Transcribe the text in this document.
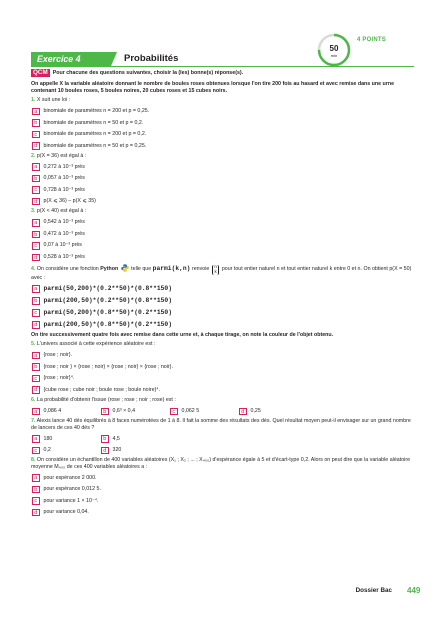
50
min
4 POINTS
Exercice 4	Probabilités

QCM Pour chacune des questions suivantes, choisir la (les) bonne(s) réponse(s).

On appelle X la variable aléatoire donnant le nombre de boules roses obtenues lorsque l'on tire 200 fois au hasard et avec remise dans une urne contenant 10 boules roses, 5 boules noires, 20 cubes roses et 15 cubes noirs.

1. X suit une loi :

a	binomiale de paramètres n = 200 et p = 0,25.
b	binomiale de paramètres n = 50 et p = 0,2.
c	binomiale de paramètres n = 200 et p = 0,2.
d	binomiale de paramètres n = 50 et p = 0,25.

2. p(X = 36) est égal à :

a	0,272 à 10⁻³ près
b	0,057 à 10⁻³ près
c	0,728 à 10⁻³ près
d	p(X ⩽ 36) – p(X ⩽ 35)

3. p(X < 40) est égal à :

a	0,542 à 10⁻³ près
b	0,472 à 10⁻³ près
c	0,07 à 10⁻³ près
d	0,528 à 10⁻³ près

4. On considère une fonction Python telle que parmi(k,n) renvoie n
k pour tout entier naturel n et tout entier naturel k entre 0 et n. On obtient p(X = 50) avec :

a parmi(50,200)*(0.2**50)*(0.8**150)
b parmi(200,50)*(0.2**50)*(0.8**150)
c	parmi(50,200)*(0.8**50)*(0.2**150)
d parmi(200,50)*(0.8**50)*(0.2**150)

On tire successivement quatre fois avec remise dans cette urne et, à chaque tirage, on note la couleur de l'objet obtenu.

5. L'univers associé à cette expérience aléatoire est :

a	{rose ; noir}.
b	{rose ; noir } × {rose ; noir} × {rose ; noir} × {rose ; noir}.
c	{rose ; noir}⁴.
d	{cube rose ; cube noir ; boule rose ; boule noire}⁴.

6. La probabilité d'obtenir l'issue (rose ; rose ; noir ; rose) est :

a	0,086 4	b	0,6³ × 0,4	c	0,062 5	d	0,25

7. Alexis lance 40 dés équilibrés à 8 faces numérotées de 1 à 8. Il fait la somme des résultats des dés. Quel résultat moyen peut-il envisager sur un grand nombre de lancers de ces 40 dés ?

a	180	b	4,5
c	0,2	d	320

8. On considère un échantillon de 400 variables aléatoires (X₁ ; X₂ ; ... ; X₄₀₀) d'espérance égale à 5 et d'écart-type 0,2. Alors on peut dire que la variable aléatoire moyenne M₄₀₀ de ces 400 variables aléatoires a :

a	pour espérance 2 000.
b	pour espérance 0,012 5.
c	pour variance 1 × 10⁻⁴.
d	pour variance 0,04.
Dossier Bac 449
